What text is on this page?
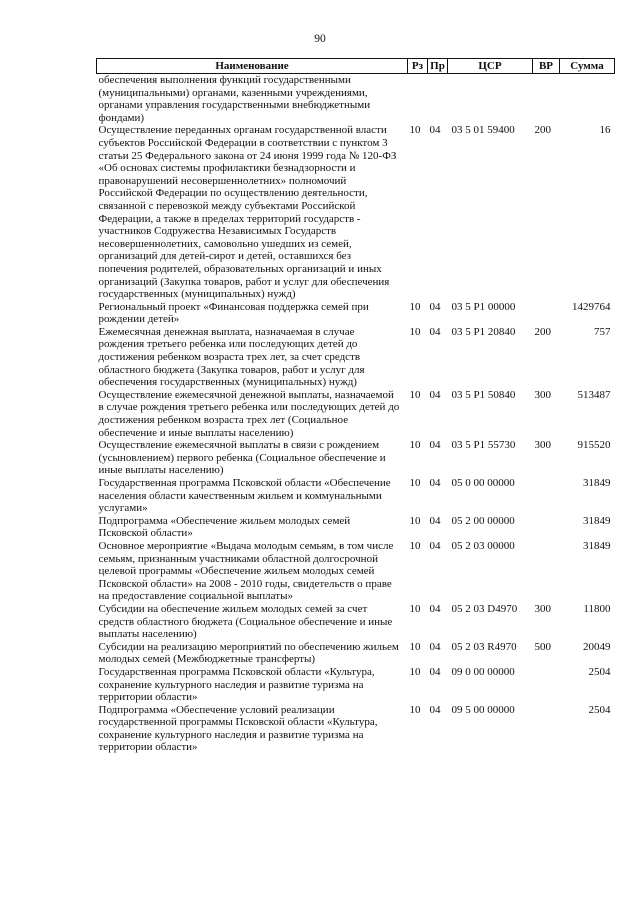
90
Наименование	Рз	Пр	ЦСР	ВР	Сумма
обеспечения выполнения функций государственными (муниципальными) органами, казенными учреждениями, органами управления государственными внебюджетными фондами)					
Осуществление переданных органам государственной власти субъектов Российской Федерации в соответствии с пунктом 3 статьи 25 Федерального закона от 24 июня 1999 года № 120-ФЗ «Об основах системы профилактики безнадзорности и правонарушений несовершеннолетних» полномочий Российской Федерации по осуществлению деятельности, связанной с перевозкой между субъектами Российской Федерации, а также в пределах территорий государств - участников Содружества Независимых Государств несовершеннолетних, самовольно ушедших из семей, организаций для детей-сирот и детей, оставшихся без попечения родителей, образовательных организаций и иных организаций (Закупка товаров, работ и услуг для обеспечения государственных (муниципальных) нужд)	10	04	03 5 01 59400	200	16
Региональный проект «Финансовая поддержка семей при рождении детей»	10	04	03 5 P1 00000		1429764
Ежемесячная денежная выплата, назначаемая в случае рождения третьего ребенка или последующих детей до достижения ребенком возраста трех лет, за счет средств областного бюджета (Закупка товаров, работ и услуг для обеспечения государственных (муниципальных) нужд)	10	04	03 5 P1 20840	200	757
Осуществление ежемесячной денежной выплаты, назначаемой в случае рождения третьего ребенка или последующих детей до достижения ребенком возраста трех лет (Социальное обеспечение и иные выплаты населению)	10	04	03 5 P1 50840	300	513487
Осуществление ежемесячной выплаты в связи с рождением (усыновлением) первого ребенка (Социальное обеспечение и иные выплаты населению)	10	04	03 5 P1 55730	300	915520
Государственная программа Псковской области «Обеспечение населения области качественным жильем и коммунальными услугами»	10	04	05 0 00 00000		31849
Подпрограмма «Обеспечение жильем молодых семей Псковской области»	10	04	05 2 00 00000		31849
Основное мероприятие «Выдача молодым семьям, в том числе семьям, признанным участниками областной долгосрочной целевой программы «Обеспечение жильем молодых семей Псковской области» на 2008 - 2010 годы, свидетельств о праве на предоставление социальной выплаты»	10	04	05 2 03 00000		31849
Субсидии на обеспечение жильем молодых семей за счет средств областного бюджета (Социальное обеспечение и иные выплаты населению)	10	04	05 2 03 D4970	300	11800
Субсидии на реализацию мероприятий по обеспечению жильем молодых семей (Межбюджетные трансферты)	10	04	05 2 03 R4970	500	20049
Государственная программа Псковской области «Культура, сохранение культурного наследия и развитие туризма на территории области»	10	04	09 0 00 00000		2504
Подпрограмма «Обеспечение условий реализации государственной программы Псковской области «Культура, сохранение культурного наследия и развитие туризма на территории области»	10	04	09 5 00 00000		2504
